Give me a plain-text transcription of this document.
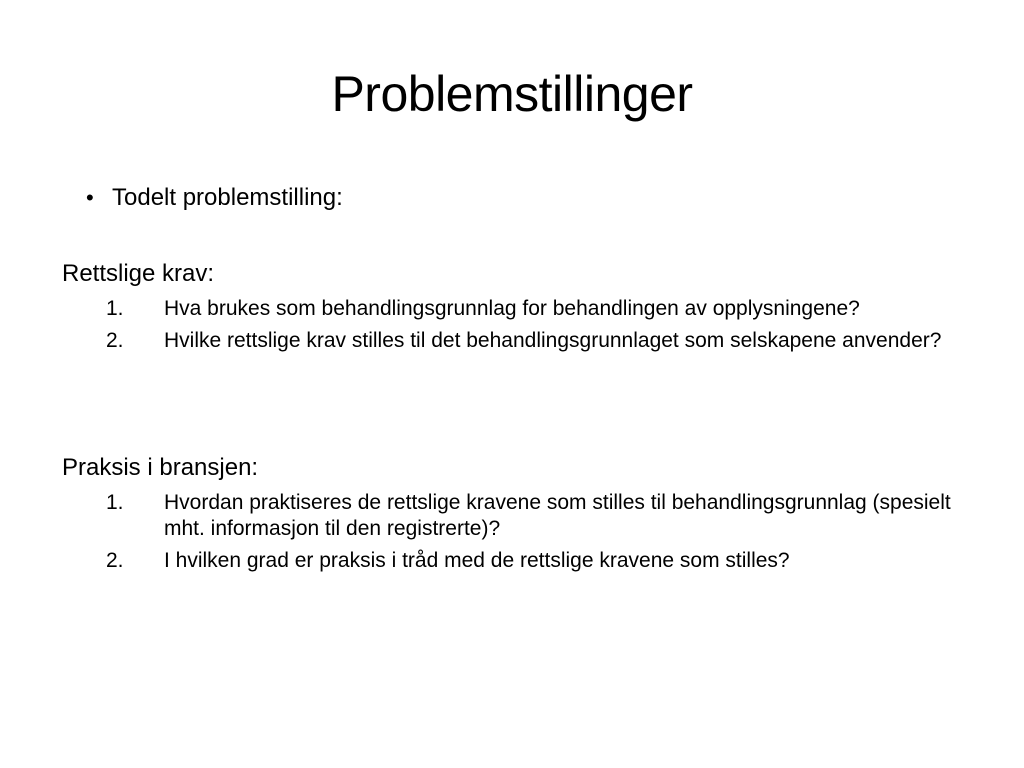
Problemstillinger
• Todelt problemstilling:
Rettslige krav:
1.	Hva brukes som behandlingsgrunnlag for behandlingen av opplysningene?
2.	Hvilke rettslige krav stilles til det behandlingsgrunnlaget som selskapene anvender?
Praksis i bransjen:
1.	Hvordan praktiseres de rettslige kravene som stilles til behandlingsgrunnlag (spesielt mht. informasjon til den registrerte)?
2.	I hvilken grad er praksis i tråd med de rettslige kravene som stilles?
